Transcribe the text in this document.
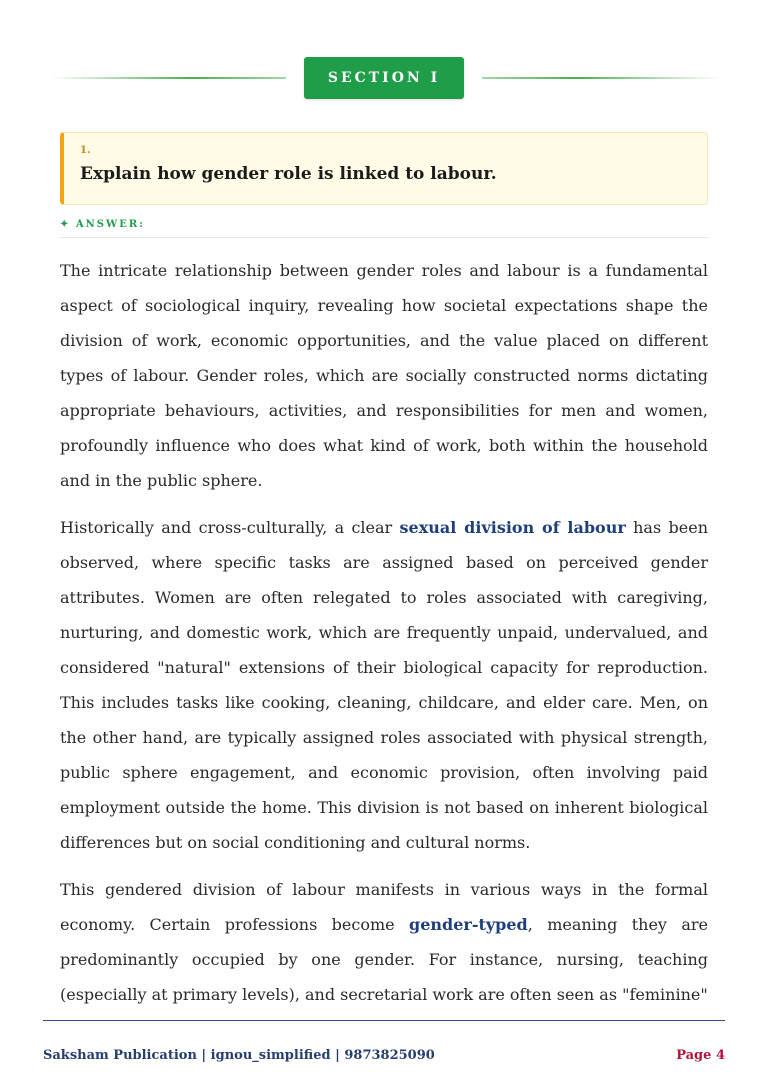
SECTION I
1.
Explain how gender role is linked to labour.
✦ ANSWER:

The intricate relationship between gender roles and labour is a fundamental aspect of sociological inquiry, revealing how societal expectations shape the division of work, economic opportunities, and the value placed on different types of labour. Gender roles, which are socially constructed norms dictating appropriate behaviours, activities, and responsibilities for men and women, profoundly influence who does what kind of work, both within the household and in the public sphere.

Historically and cross-culturally, a clear sexual division of labour has been observed, where specific tasks are assigned based on perceived gender attributes. Women are often relegated to roles associated with caregiving, nurturing, and domestic work, which are frequently unpaid, undervalued, and considered "natural" extensions of their biological capacity for reproduction. This includes tasks like cooking, cleaning, childcare, and elder care. Men, on the other hand, are typically assigned roles associated with physical strength, public sphere engagement, and economic provision, often involving paid employment outside the home. This division is not based on inherent biological differences but on social conditioning and cultural norms.

This gendered division of labour manifests in various ways in the formal economy. Certain professions become gender-typed, meaning they are predominantly occupied by one gender. For instance, nursing, teaching (especially at primary levels), and secretarial work are often seen as "feminine"

Saksham Publication | ignou_simplified | 9873825090	Page 4
